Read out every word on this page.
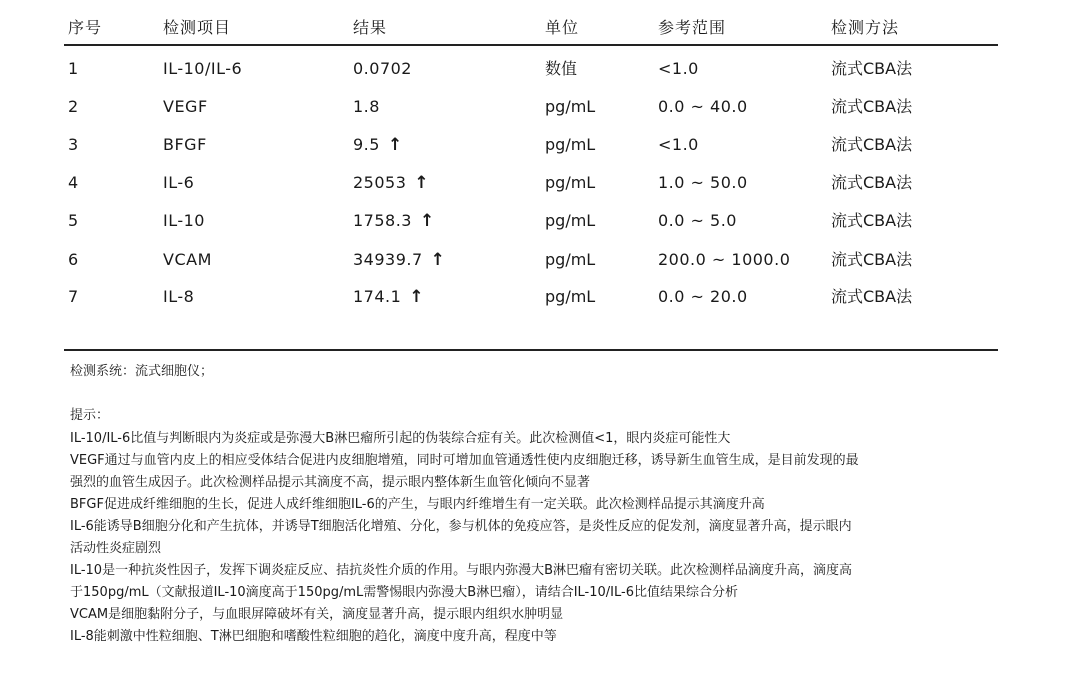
序号	检测项目	结果	单位	参考范围	检测方法
1	IL-10/IL-6	0.0702	数值	<1.0	流式CBA法
2	VEGF	1.8	pg/mL	0.0 ~ 40.0	流式CBA法
3	BFGF	9.5 ↑	pg/mL	<1.0	流式CBA法
4	IL-6	25053 ↑	pg/mL	1.0 ~ 50.0	流式CBA法
5	IL-10	1758.3 ↑	pg/mL	0.0 ~ 5.0	流式CBA法
6	VCAM	34939.7 ↑	pg/mL	200.0 ~ 1000.0	流式CBA法
7	IL-8	174.1 ↑	pg/mL	0.0 ~ 20.0	流式CBA法
检测系统：流式细胞仪；
提示：

IL-10/IL-6比值与判断眼内为炎症或是弥漫大B淋巴瘤所引起的伪装综合症有关。此次检测值<1，眼内炎症可能性大

VEGF通过与血管内皮上的相应受体结合促进内皮细胞增殖，同时可增加血管通透性使内皮细胞迁移，诱导新生血管生成，是目前发现的最

强烈的血管生成因子。此次检测样品提示其滴度不高，提示眼内整体新生血管化倾向不显著

BFGF促进成纤维细胞的生长，促进人成纤维细胞IL-6的产生，与眼内纤维增生有一定关联。此次检测样品提示其滴度升高

IL-6能诱导B细胞分化和产生抗体，并诱导T细胞活化增殖、分化，参与机体的免疫应答，是炎性反应的促发剂，滴度显著升高，提示眼内

活动性炎症剧烈

IL-10是一种抗炎性因子，发挥下调炎症反应、拮抗炎性介质的作用。与眼内弥漫大B淋巴瘤有密切关联。此次检测样品滴度升高，滴度高

于150pg/mL（文献报道IL-10滴度高于150pg/mL需警惕眼内弥漫大B淋巴瘤），请结合IL-10/IL-6比值结果综合分析

VCAM是细胞黏附分子，与血眼屏障破坏有关，滴度显著升高，提示眼内组织水肿明显

IL-8能刺激中性粒细胞、T淋巴细胞和嗜酸性粒细胞的趋化，滴度中度升高，程度中等
